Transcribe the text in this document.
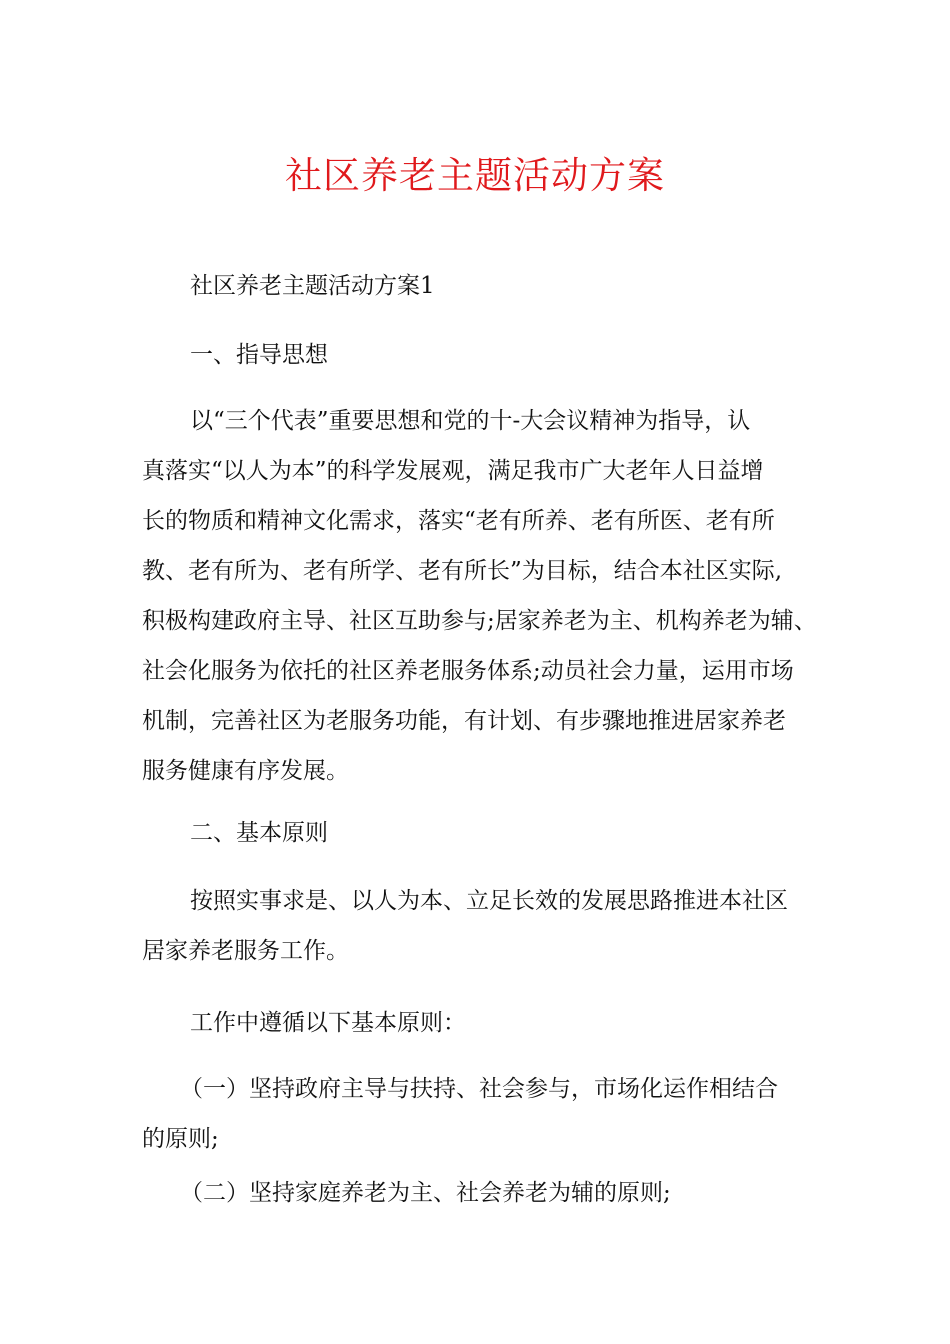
社区养老主题活动方案

社区养老主题活动方案1

一、指导思想

以“三个代表”重要思想和党的十-大会议精神为指导，认

真落实“以人为本”的科学发展观，满足我市广大老年人日益增

长的物质和精神文化需求，落实“老有所养、老有所医、老有所

教、老有所为、老有所学、老有所长”为目标，结合本社区实际,

积极构建政府主导、社区互助参与;居家养老为主、机构养老为辅、

社会化服务为依托的社区养老服务体系;动员社会力量，运用市场

机制，完善社区为老服务功能，有计划、有步骤地推进居家养老

服务健康有序发展。

二、基本原则

按照实事求是、以人为本、立足长效的发展思路推进本社区

居家养老服务工作。

工作中遵循以下基本原则：

（一）坚持政府主导与扶持、社会参与，市场化运作相结合

的原则;

（二）坚持家庭养老为主、社会养老为辅的原则;
